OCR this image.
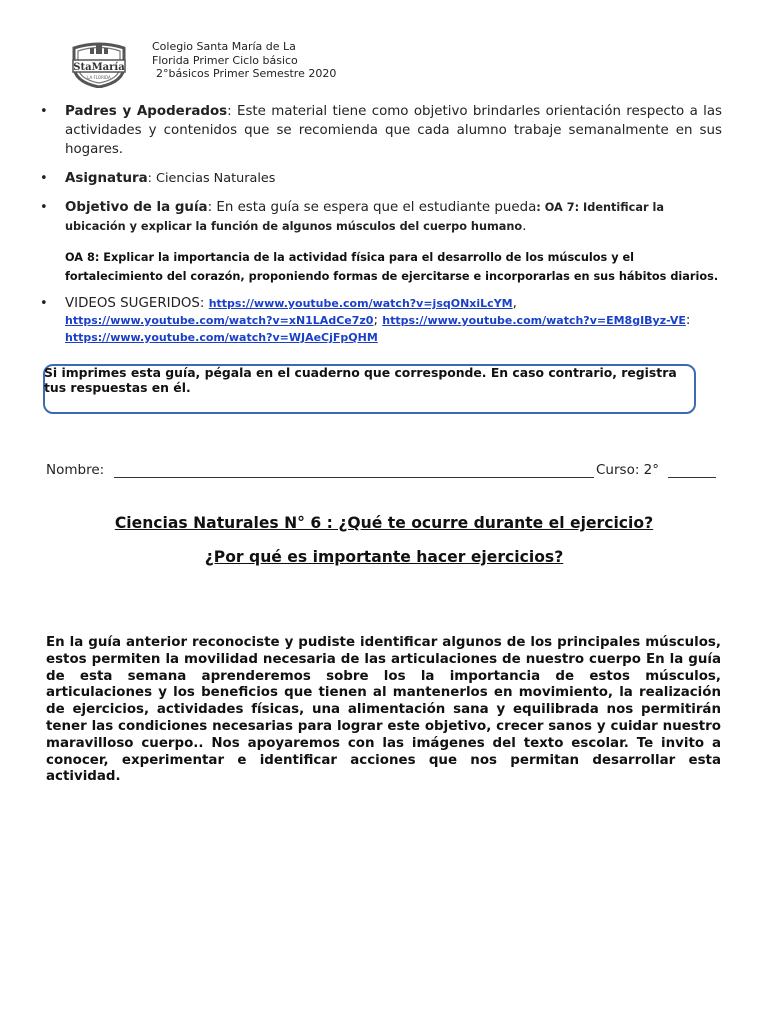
StaMaría
LA FLORIDA
Colegio Santa María de La
Florida Primer Ciclo básico
2°básicos Primer Semestre 2020
• Padres y Apoderados: Este material tiene como objetivo brindarles orientación respecto a las actividades y contenidos que se recomienda que cada alumno trabaje semanalmente en sus hogares.
• Asignatura: Ciencias Naturales
• Objetivo de la guía: En esta guía se espera que el estudiante pueda: OA 7: Identificar la ubicación y explicar la función de algunos músculos del cuerpo humano.
OA 8: Explicar la importancia de la actividad física para el desarrollo de los músculos y el fortalecimiento del corazón, proponiendo formas de ejercitarse e incorporarlas en sus hábitos diarios.
• VIDEOS SUGERIDOS: https://www.youtube.com/watch?v=jsqONxiLcYM, https://www.youtube.com/watch?v=xN1LAdCe7z0; https://www.youtube.com/watch?v=EM8gIByz-VE: https://www.youtube.com/watch?v=WJAeCjFpQHM
Si imprimes esta guía, pégala en el cuaderno que corresponde. En caso contrario, registra tus respuestas en él.
Nombre:	Curso: 2°
Ciencias Naturales N° 6 : ¿Qué te ocurre durante el ejercicio?
¿Por qué es importante hacer ejercicios?
En la guía anterior reconociste y pudiste identificar algunos de los principales músculos, estos permiten la movilidad necesaria de las articulaciones de nuestro cuerpo En la guía de esta semana aprenderemos sobre los la importancia de estos músculos, articulaciones y los beneficios que tienen al mantenerlos en movimiento, la realización de ejercicios, actividades físicas, una alimentación sana y equilibrada nos permitirán tener las condiciones necesarias para lograr este objetivo, crecer sanos y cuidar nuestro maravilloso cuerpo.. Nos apoyaremos con las imágenes del texto escolar. Te invito a conocer, experimentar e identificar acciones que nos permitan desarrollar esta actividad.
